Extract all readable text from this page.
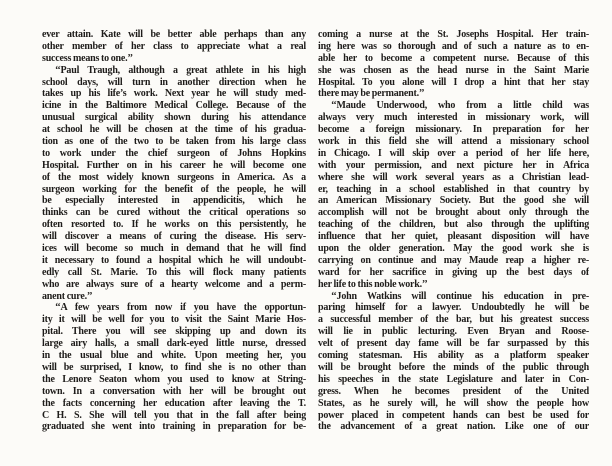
ever attain. Kate will be better able perhaps than any
other member of her class to appreciate what a real
success means to one.’’
‘‘Paul Traugh, although a great athlete in his high
school days, will turn in another direction when he
takes up his life’s work. Next year he will study med-
icine in the Baltimore Medical College. Because of the
unusual surgical ability shown during his attendance
at school he will be chosen at the time of his gradua-
tion as one of the two to be taken from his large class
to work under the chief surgeon of Johns Hopkins
Hospital. Further on in his career he will become one
of the most widely known surgeons in America. As a
surgeon working for the benefit of the people, he will
be especially interested in appendicitis, which he
thinks can be cured without the critical operations so
often resorted to. If he works on this persistently, he
will discover a means of curing the disease. His serv-
ices will become so much in demand that he will find
it necessary to found a hospital which he will undoubt-
edly call St. Marie. To this will flock many patients
who are always sure of a hearty welcome and a perm-
anent cure.’’
‘‘A few years from now if you have the opportun-
ity it will be well for you to visit the Saint Marie Hos-
pital. There you will see skipping up and down its
large airy halls, a small dark-eyed little nurse, dressed
in the usual blue and white. Upon meeting her, you
will be surprised, I know, to find she is no other than
the Lenore Seaton whom you used to know at String-
town. In a conversation with her will be brought out
the facts concerning her education after leaving the T.
C H. S. She will tell you that in the fall after being
graduated she went into training in preparation for be-
coming a nurse at the St. Josephs Hospital. Her train-
ing here was so thorough and of such a nature as to en-
able her to become a competent nurse. Because of this
she was chosen as the head nurse in the Saint Marie
Hospital. To you alone will I drop a hint that her stay
there may be permanent.’’
‘‘Maude Underwood, who from a little child was
always very much interested in missionary work, will
become a foreign missionary. In preparation for her
work in this field she will attend a missionary school
in Chicago. I will skip over a period of her life here,
with your permission, and next picture her in Africa
where she will work several years as a Christian lead-
er, teaching in a school established in that country by
an American Missionary Society. But the good she will
accomplish will not be brought about only through the
teaching of the children, but also through the uplifting
influence that her quiet, pleasant disposition will have
upon the older generation. May the good work she is
carrying on continue and may Maude reap a higher re-
ward for her sacrifice in giving up the best days of
her life to this noble work.’’
‘‘John Watkins will continue his education in pre-
paring himself for a lawyer. Undoubtedly he will be
a successful member of the bar, but his greatest success
will lie in public lecturing. Even Bryan and Roose-
velt of present day fame will be far surpassed by this
coming statesman. His ability as a platform speaker
will be brought before the minds of the public through
his speeches in the state Legislature and later in Con-
gress. When he becomes president of the United
States, as he surely will, he will show the people how
power placed in competent hands can best be used for
the advancement of a great nation. Like one of our
